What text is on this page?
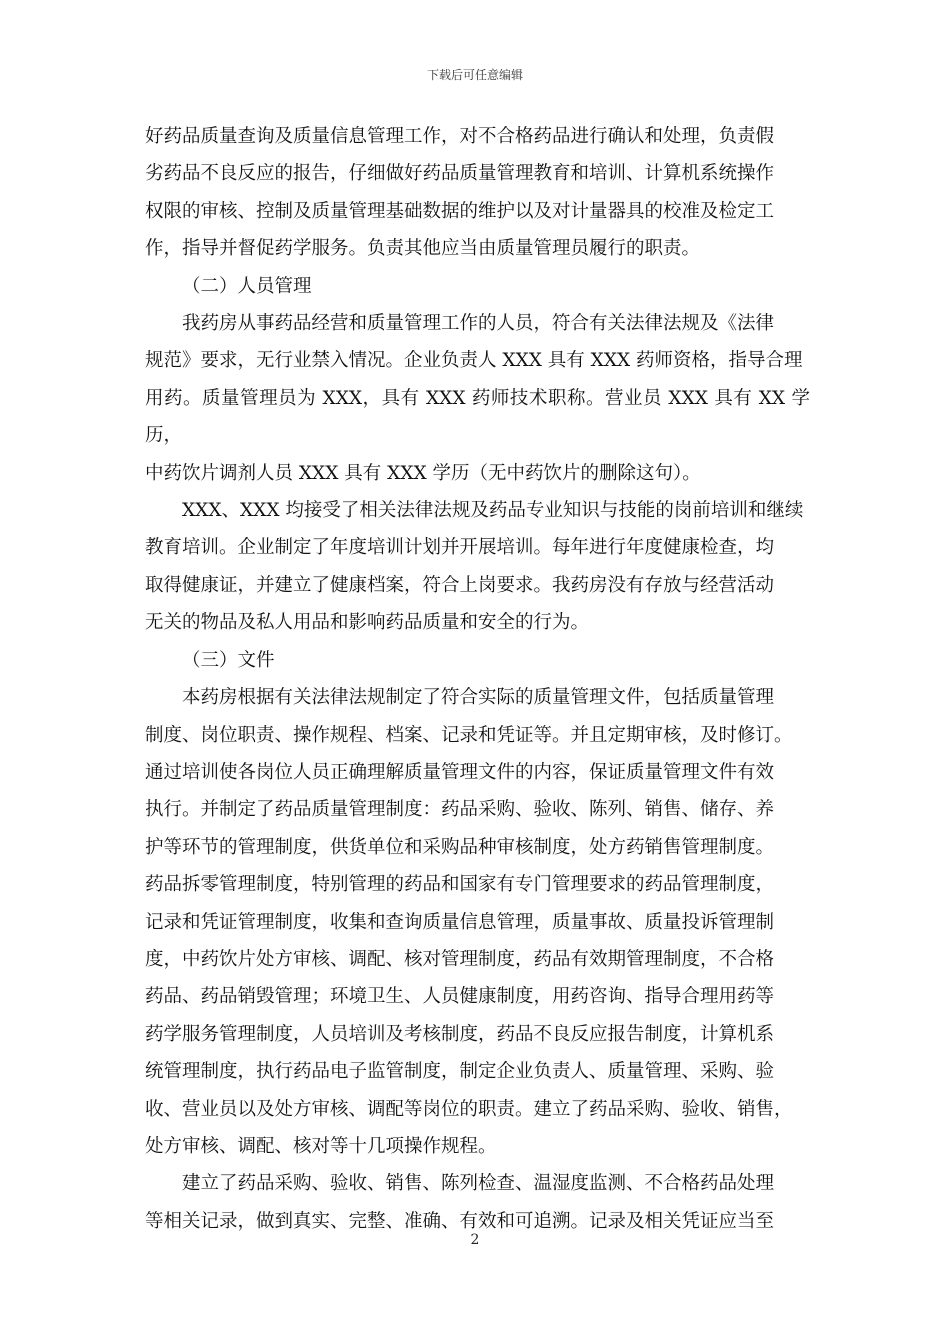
下载后可任意编辑

好药品质量查询及质量信息管理工作，对不合格药品进行确认和处理，负责假
劣药品不良反应的报告，仔细做好药品质量管理教育和培训、计算机系统操作
权限的审核、控制及质量管理基础数据的维护以及对计量器具的校准及检定工
作，指导并督促药学服务。负责其他应当由质量管理员履行的职责。

（二）人员管理

我药房从事药品经营和质量管理工作的人员，符合有关法律法规及《法律
规范》要求，无行业禁入情况。企业负责人 XXX 具有 XXX 药师资格，指导合理
用药。质量管理员为 XXX，具有 XXX 药师技术职称。营业员 XXX 具有 XX 学历，
中药饮片调剂人员 XXX 具有 XXX 学历（无中药饮片的删除这句）。

XXX、XXX 均接受了相关法律法规及药品专业知识与技能的岗前培训和继续
教育培训。企业制定了年度培训计划并开展培训。每年进行年度健康检查，均
取得健康证，并建立了健康档案，符合上岗要求。我药房没有存放与经营活动
无关的物品及私人用品和影响药品质量和安全的行为。

（三）文件

本药房根据有关法律法规制定了符合实际的质量管理文件，包括质量管理
制度、岗位职责、操作规程、档案、记录和凭证等。并且定期审核，及时修订。
通过培训使各岗位人员正确理解质量管理文件的内容，保证质量管理文件有效
执行。并制定了药品质量管理制度：药品采购、验收、陈列、销售、储存、养
护等环节的管理制度，供货单位和采购品种审核制度，处方药销售管理制度。
药品拆零管理制度，特别管理的药品和国家有专门管理要求的药品管理制度，
记录和凭证管理制度，收集和查询质量信息管理，质量事故、质量投诉管理制
度，中药饮片处方审核、调配、核对管理制度，药品有效期管理制度，不合格
药品、药品销毁管理；环境卫生、人员健康制度，用药咨询、指导合理用药等
药学服务管理制度，人员培训及考核制度，药品不良反应报告制度，计算机系
统管理制度，执行药品电子监管制度，制定企业负责人、质量管理、采购、验
收、营业员以及处方审核、调配等岗位的职责。建立了药品采购、验收、销售，
处方审核、调配、核对等十几项操作规程。

建立了药品采购、验收、销售、陈列检查、温湿度监测、不合格药品处理
等相关记录，做到真实、完整、准确、有效和可追溯。记录及相关凭证应当至

2
